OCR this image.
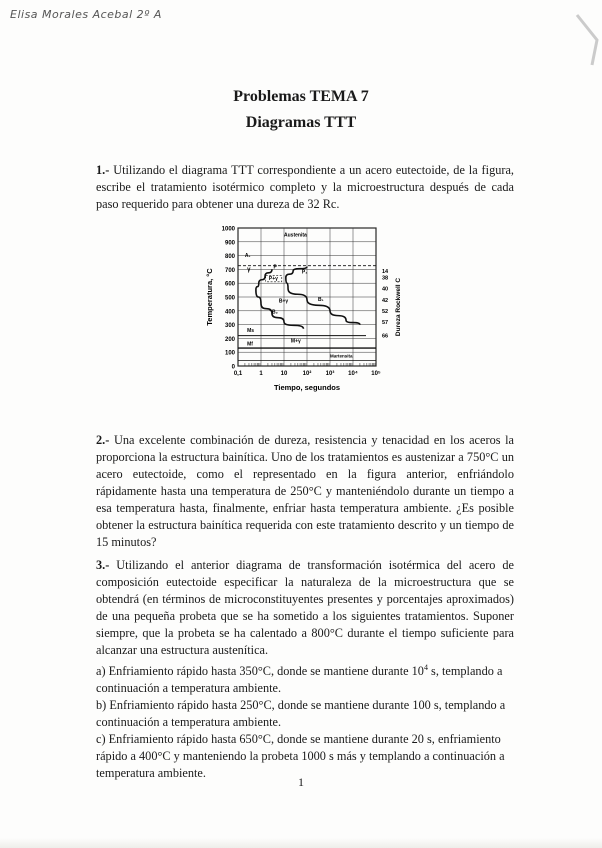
Elisa Morales Acebal 2º A
Problemas TEMA 7
Diagramas TTT
1.- Utilizando el diagrama TTT correspondiente a un acero eutectoide, de la figura, escribe el tratamiento isotérmico completo y la microestructura después de cada paso requerido para obtener una dureza de 32 Rc.
0
100
200
300
400
500
600
700
800
900
1000
0,1	1	10	10² 10³ 10⁴ 10⁵
Austenita
A₁
P
P₁
P+γ
γ
B+γ	B₁
B₂
Ms
Mf	M+γ
Martensita
14
38
40
42
52
57
66
Tiempo, segundos
Temperatura, °C	Dureza Rockwell C
2.- Una excelente combinación de dureza, resistencia y tenacidad en los aceros la proporciona la estructura bainítica. Uno de los tratamientos es austenizar a 750°C un acero eutectoide, como el representado en la figura anterior, enfriándolo rápidamente hasta una temperatura de 250°C y manteniéndolo durante un tiempo a esa temperatura hasta, finalmente, enfriar hasta temperatura ambiente. ¿Es posible obtener la estructura bainítica requerida con este tratamiento descrito y un tiempo de 15 minutos?
3.- Utilizando el anterior diagrama de transformación isotérmica del acero de composición eutectoide especificar la naturaleza de la microestructura que se obtendrá (en términos de microconstituyentes presentes y porcentajes aproximados) de una pequeña probeta que se ha sometido a los siguientes tratamientos. Suponer siempre, que la probeta se ha calentado a 800°C durante el tiempo suficiente para alcanzar una estructura austenítica.
a) Enfriamiento rápido hasta 350°C, donde se mantiene durante $10^4$ s, templando a continuación a temperatura ambiente.
b) Enfriamiento rápido hasta 250°C, donde se mantiene durante 100 s, templando a continuación a temperatura ambiente.
c) Enfriamiento rápido hasta 650°C, donde se mantiene durante 20 s, enfriamiento rápido a 400°C y manteniendo la probeta 1000 s más y templando a continuación a temperatura ambiente.
1
